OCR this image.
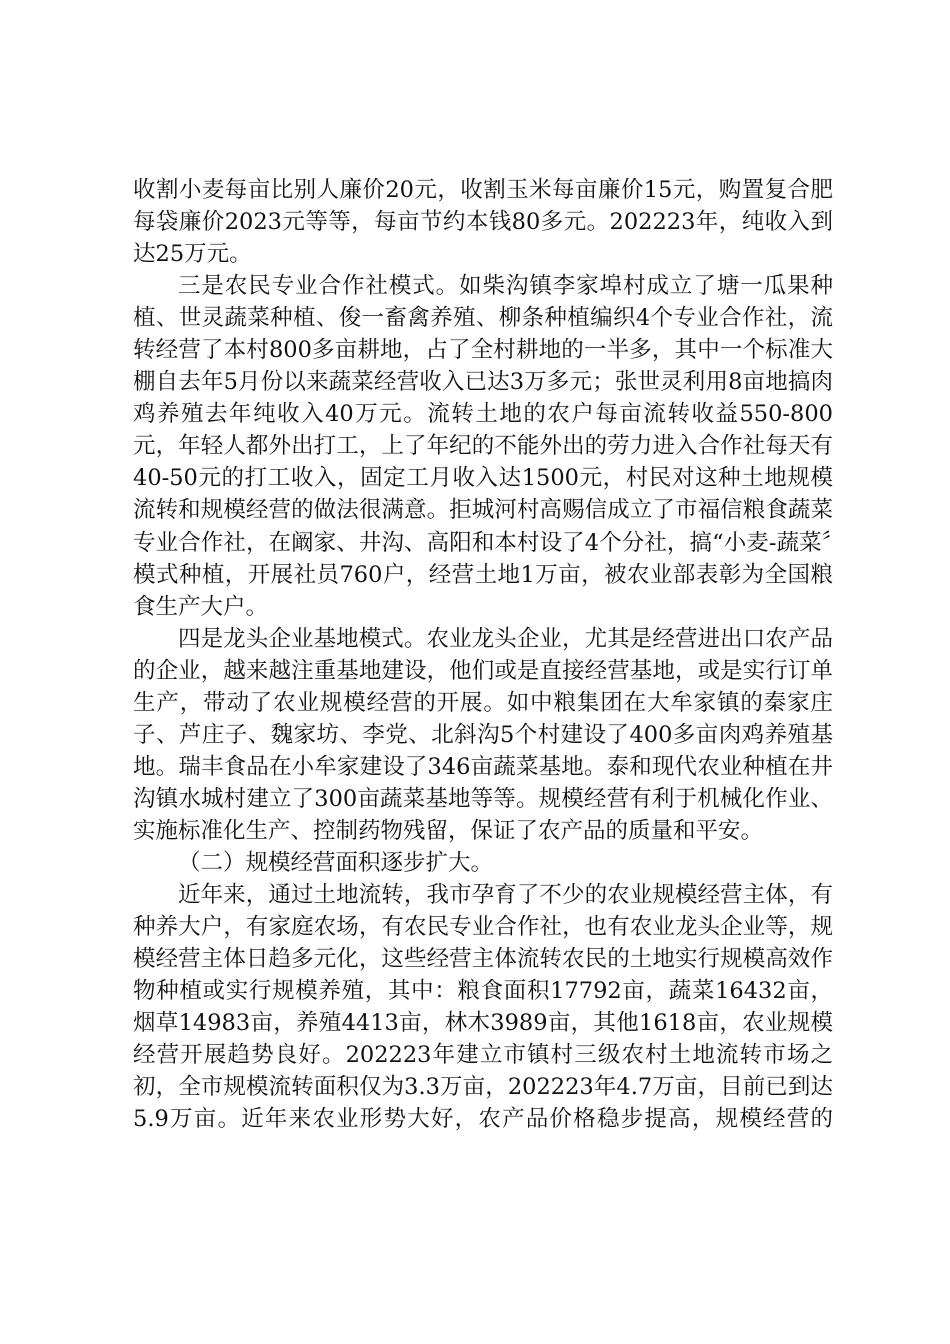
收割小麦每亩比别人廉价20元，收割玉米每亩廉价15元，购置复合肥每袋廉价2023元等等，每亩节约本钱80多元。202223年，纯收入到达25万元。

三是农民专业合作社模式。如柴沟镇李家埠村成立了塘一瓜果种植、世灵蔬菜种植、俊一畜禽养殖、柳条种植编织4个专业合作社，流转经营了本村800多亩耕地，占了全村耕地的一半多，其中一个标准大棚自去年5月份以来蔬菜经营收入已达3万多元；张世灵利用8亩地搞肉鸡养殖去年纯收入40万元。流转土地的农户每亩流转收益550-800元，年轻人都外出打工，上了年纪的不能外出的劳力进入合作社每天有40-50元的打工收入，固定工月收入达1500元，村民对这种土地规模流转和规模经营的做法很满意。拒城河村高赐信成立了市福信粮食蔬菜专业合作社，在阚家、井沟、高阳和本村设了4个分社，搞“小麦-蔬菜〞模式种植，开展社员760户，经营土地1万亩，被农业部表彰为全国粮食生产大户。

四是龙头企业基地模式。农业龙头企业，尤其是经营进出口农产品的企业，越来越注重基地建设，他们或是直接经营基地，或是实行订单生产，带动了农业规模经营的开展。如中粮集团在大牟家镇的秦家庄子、芦庄子、魏家坊、李党、北斜沟5个村建设了400多亩肉鸡养殖基地。瑞丰食品在小牟家建设了346亩蔬菜基地。泰和现代农业种植在井沟镇水城村建立了300亩蔬菜基地等等。规模经营有利于机械化作业、实施标准化生产、控制药物残留，保证了农产品的质量和平安。

（二）规模经营面积逐步扩大。

近年来，通过土地流转，我市孕育了不少的农业规模经营主体，有种养大户，有家庭农场，有农民专业合作社，也有农业龙头企业等，规模经营主体日趋多元化，这些经营主体流转农民的土地实行规模高效作物种植或实行规模养殖，其中：粮食面积17792亩，蔬菜16432亩，烟草14983亩，养殖4413亩，林木3989亩，其他1618亩，农业规模经营开展趋势良好。202223年建立市镇村三级农村土地流转市场之初，全市规模流转面积仅为3.3万亩，202223年4.7万亩，目前已到达5.9万亩。近年来农业形势大好，农产品价格稳步提高，规模经营的
